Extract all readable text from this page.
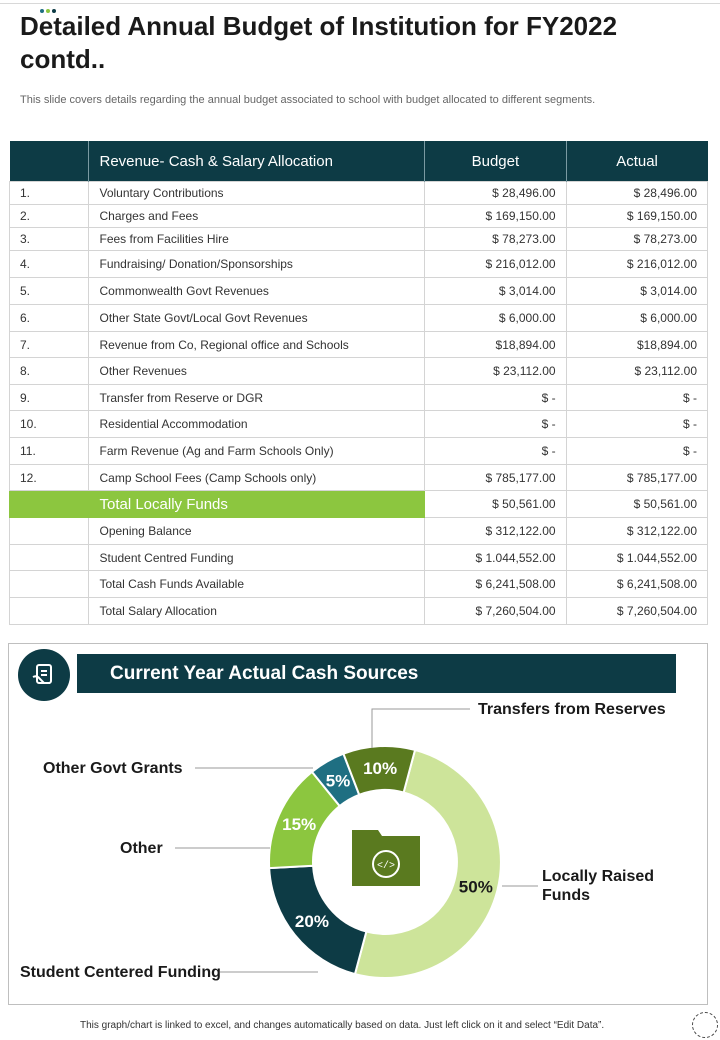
Detailed Annual Budget of Institution for FY2022 contd..
This slide covers details regarding the annual budget associated to school with budget allocated to different segments.
	Revenue- Cash & Salary Allocation	Budget	Actual
1.	Voluntary Contributions	$ 28,496.00	$ 28,496.00
2.	Charges and Fees	$ 169,150.00	$ 169,150.00
3.	Fees from Facilities Hire	$ 78,273.00	$ 78,273.00
4.	Fundraising/ Donation/Sponsorships	$ 216,012.00	$ 216,012.00
5.	Commonwealth Govt Revenues	$ 3,014.00	$ 3,014.00
6.	Other State Govt/Local Govt Revenues	$ 6,000.00	$ 6,000.00
7.	Revenue from Co, Regional office and Schools	$18,894.00	$18,894.00
8.	Other Revenues	$ 23,112.00	$ 23,112.00
9.	Transfer from Reserve or DGR	$ -	$ -
10.	Residential Accommodation	$ -	$ -
11.	Farm Revenue (Ag and Farm Schools Only)	$ -	$ -
12.	Camp School Fees (Camp Schools only)	$ 785,177.00	$ 785,177.00
	Total Locally Funds	$ 50,561.00	$ 50,561.00
	Opening Balance	$ 312,122.00	$ 312,122.00
	Student Centred Funding	$ 1.044,552.00	$ 1.044,552.00
	Total Cash Funds Available	$ 6,241,508.00	$ 6,241,508.00
	Total Salary Allocation	$ 7,260,504.00	$ 7,260,504.00
Current Year Actual Cash Sources
50%
20%
15%
5%
10%
</>
Transfers from Reserves
Other Govt Grants
Other
Locally Raised Funds
Student Centered Funding
This graph/chart is linked to excel, and changes automatically based on data. Just left click on it and select “Edit Data”.
